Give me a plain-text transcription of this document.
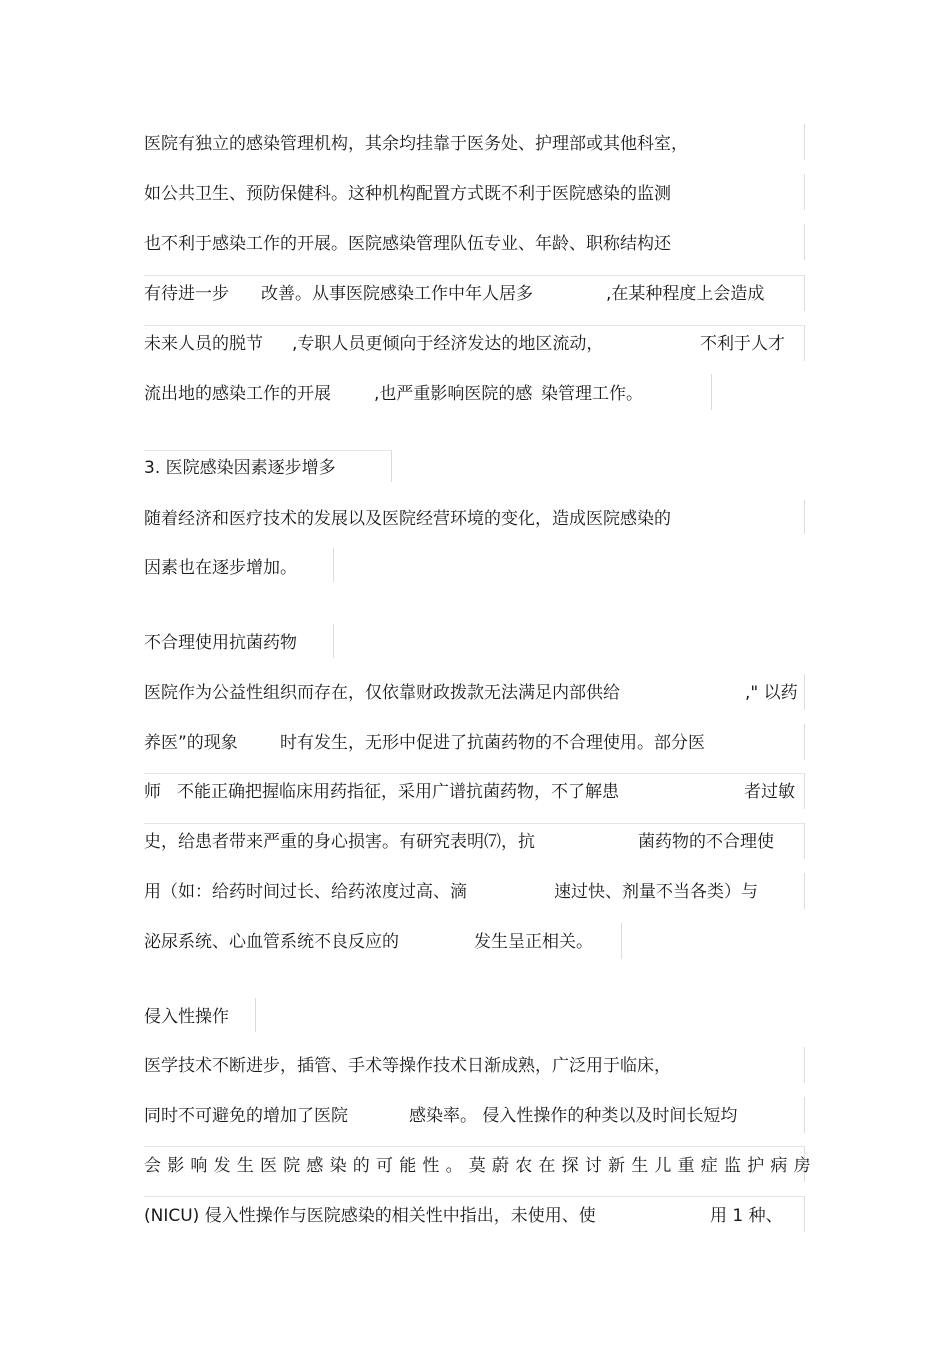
医院有独立的感染管理机构，其余均挂靠于医务处、护理部或其他科室，
如公共卫生、预防保健科。这种机构配置方式既不利于医院感染的监测
也不利于感染工作的开展。医院感染管理队伍专业、年龄、职称结构还
有待进一步 改善。从事医院感染工作中年人居多	,在某种程度上会造成
未来人员的脱节 ,专职人员更倾向于经济发达的地区流动，	不利于人才
流出地的感染工作的开展	,也严重影响医院的感 染管理工作。
3. 医院感染因素逐步增多
随着经济和医疗技术的发展以及医院经营环境的变化，造成医院感染的
因素也在逐步增加。
不合理使用抗菌药物
医院作为公益性组织而存在，仅依靠财政拨款无法满足内部供给	," 以药
养医”的现象 时有发生，无形中促进了抗菌药物的不合理使用。部分医
师 不能正确把握临床用药指征，采用广谱抗菌药物，不了解患	者过敏
史，给患者带来严重的身心损害。有研究表明⑺，抗	菌药物的不合理使
用（如：给药时间过长、给药浓度过高、滴	速过快、剂量不当各类）与
泌尿系统、心血管系统不良反应的	发生呈正相关。
侵入性操作
医学技术不断进步，插管、手术等操作技术日渐成熟，广泛用于临床，
同时不可避免的增加了医院	感染率。 侵入性操作的种类以及时间长短均
会影响发生医院感染的可能性。莫蔚农在探讨新生儿重症监护病房
(NICU) 侵入性操作与医院感染的相关性中指出，未使用、使	用 1 种、
